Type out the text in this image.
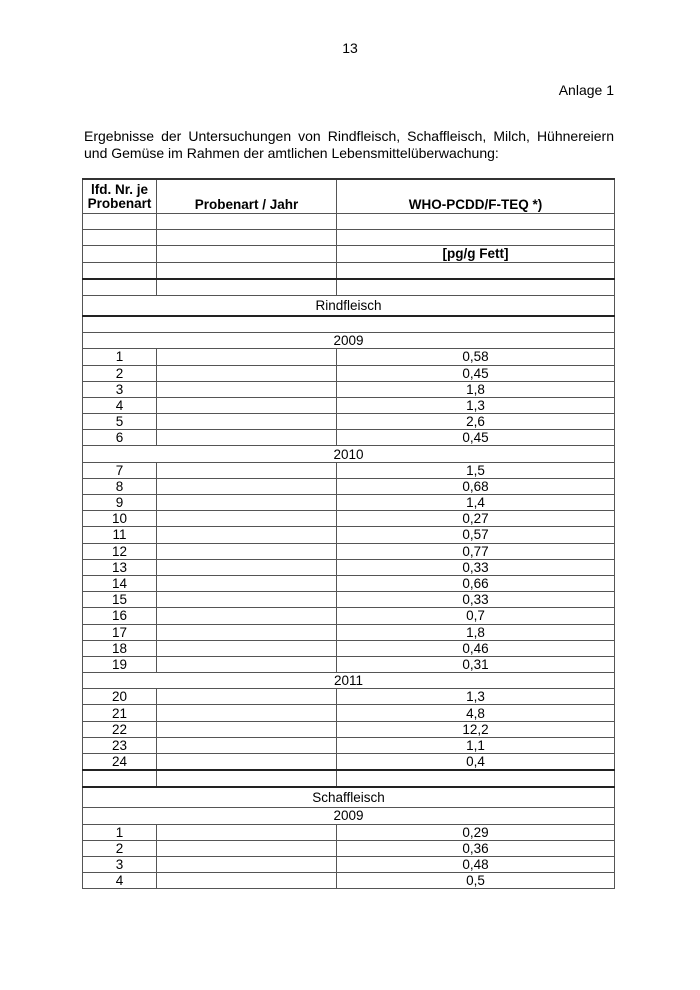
13
Anlage 1
Ergebnisse der Untersuchungen von Rindfleisch, Schaffleisch, Milch, Hühnereiern und Gemüse im Rahmen der amtlichen Lebensmittelüberwachung:
lfd. Nr. je Probenart	Probenart / Jahr	WHO-PCDD/F-TEQ *)

		[pg/g Fett]

Rindfleisch		

2009		
1		0,58
2		0,45
3		1,8
4		1,3
5		2,6
6		0,45
2010		
7		1,5
8		0,68
9		1,4
10		0,27
11		0,57
12		0,77
13		0,33
14		0,66
15		0,33
16		0,7
17		1,8
18		0,46
19		0,31
2011		
20		1,3
21		4,8
22		12,2
23		1,1
24		0,4

Schaffleisch		
2009		
1		0,29
2		0,36
3		0,48
4		0,5
